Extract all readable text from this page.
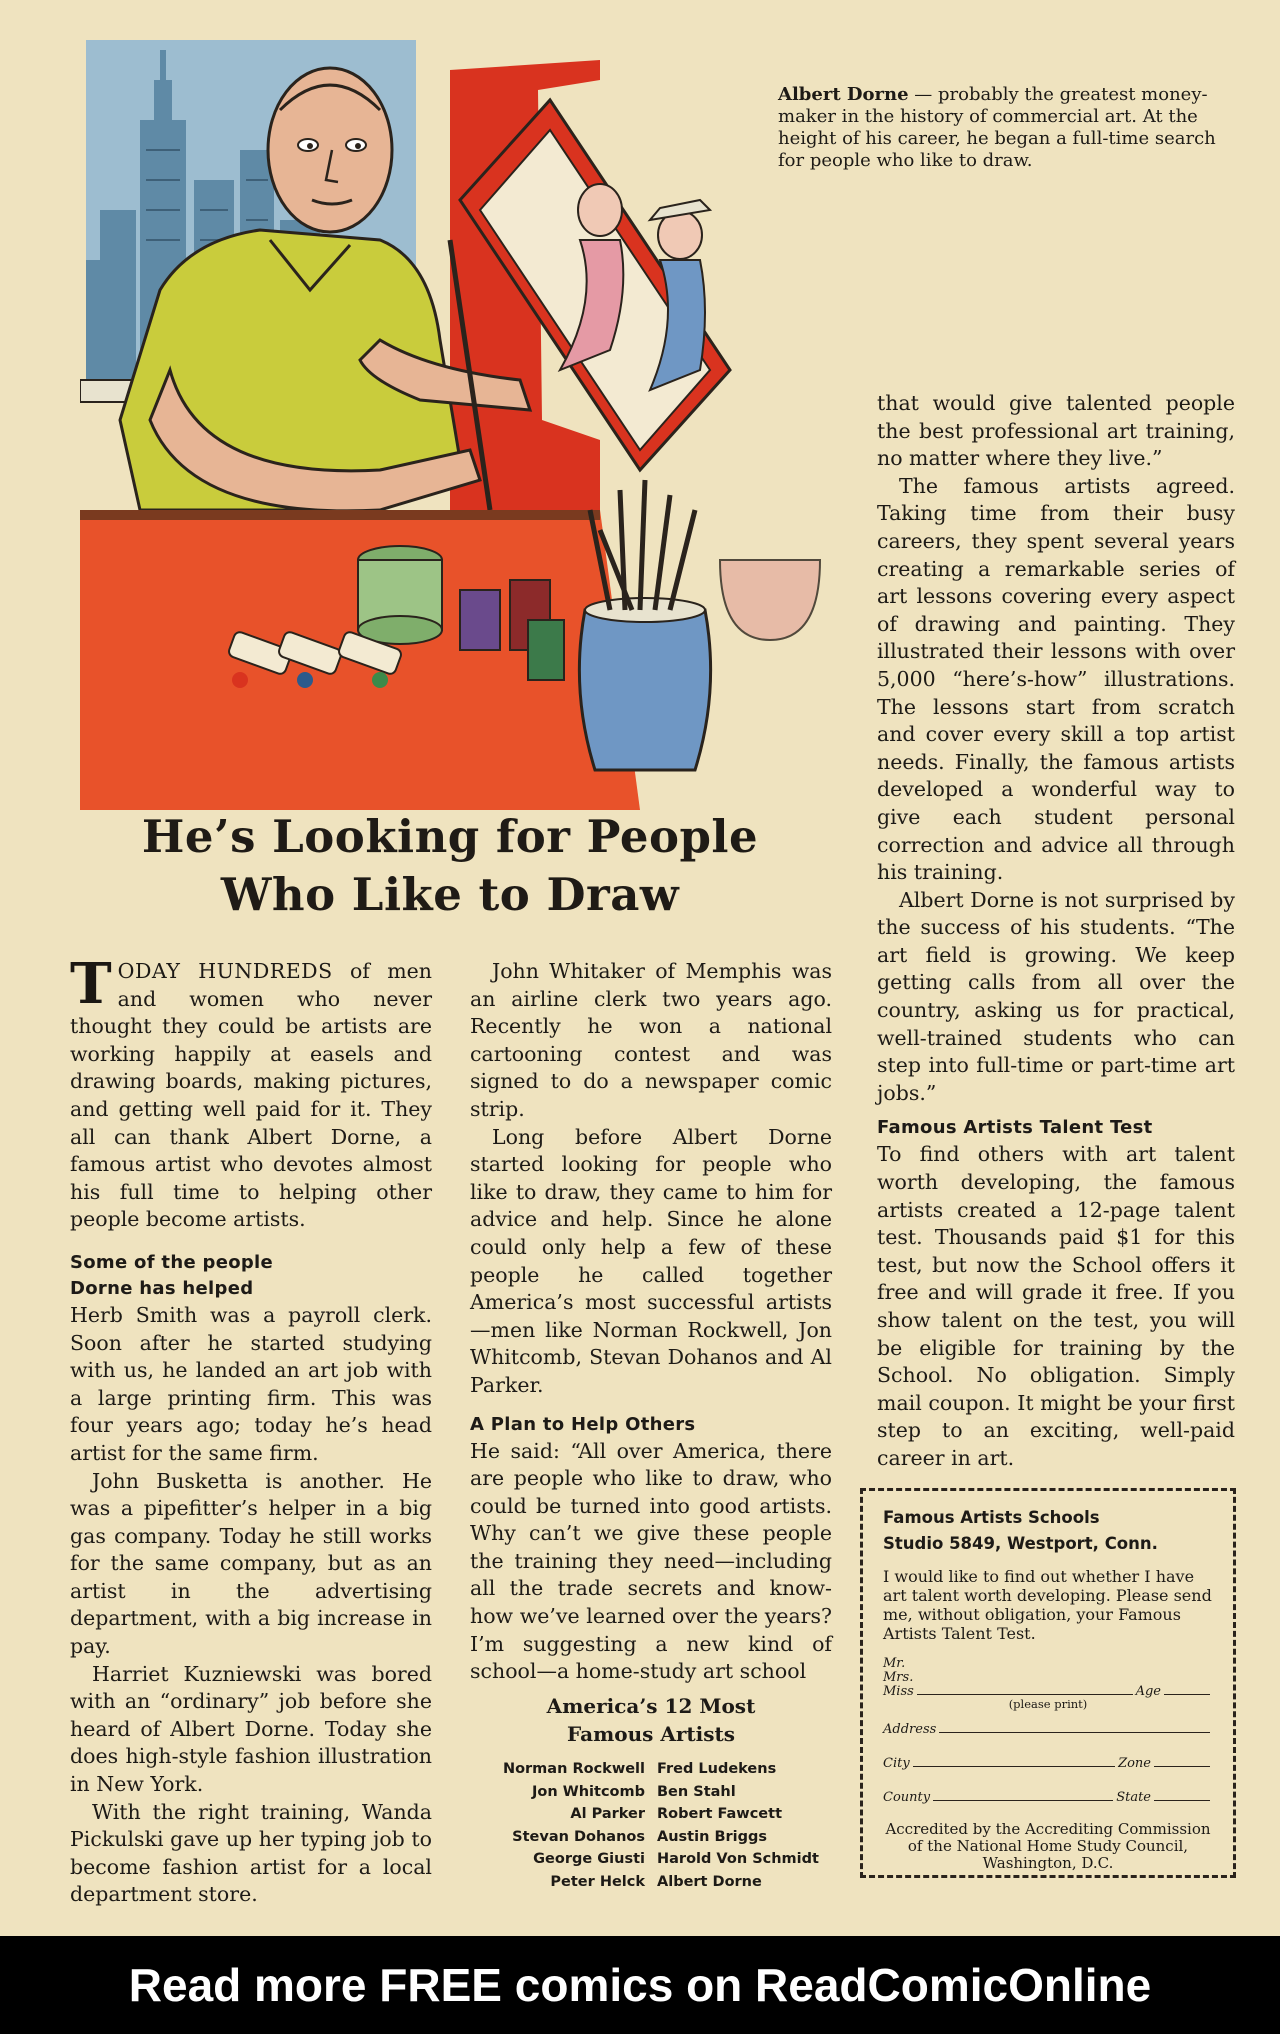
Albert Dorne — probably the greatest money-maker in the history of commercial art. At the height of his career, he began a full-time search for people who like to draw.
He’s Looking for People
Who Like to Draw

TODAY HUNDREDS of men and women who never thought they could be artists are working happily at easels and drawing boards, making pictures, and getting well paid for it. They all can thank Albert Dorne, a famous artist who devotes almost his full time to helping other people become artists.

Some of the people
Dorne has helped

Herb Smith was a payroll clerk. Soon after he started studying with us, he landed an art job with a large printing firm. This was four years ago; today he’s head artist for the same firm.

John Busketta is another. He was a pipefitter’s helper in a big gas company. Today he still works for the same company, but as an artist in the advertising department, with a big increase in pay.

Harriet Kuzniewski was bored with an “ordinary” job before she heard of Albert Dorne. Today she does high-style fashion illustration in New York.

With the right training, Wanda Pickulski gave up her typing job to become fashion artist for a local department store.

John Whitaker of Memphis was an airline clerk two years ago. Recently he won a national cartooning contest and was signed to do a newspaper comic strip.

Long before Albert Dorne started looking for people who like to draw, they came to him for advice and help. Since he alone could only help a few of these people he called together America’s most successful artists —men like Norman Rockwell, Jon Whitcomb, Stevan Dohanos and Al Parker.

A Plan to Help Others

He said: “All over America, there are people who like to draw, who could be turned into good artists. Why can’t we give these people the training they need—including all the trade secrets and know-how we’ve learned over the years? I’m suggesting a new kind of school—a home-study art school

that would give talented people the best professional art training, no matter where they live.”

The famous artists agreed. Taking time from their busy careers, they spent several years creating a remarkable series of art lessons covering every aspect of drawing and painting. They illustrated their lessons with over 5,000 “here’s-how” illustrations. The lessons start from scratch and cover every skill a top artist needs. Finally, the famous artists developed a wonderful way to give each student personal correction and advice all through his training.

Albert Dorne is not surprised by the success of his students. “The art field is growing. We keep getting calls from all over the country, asking us for practical, well-trained students who can step into full-time or part-time art jobs.”

Famous Artists Talent Test

To find others with art talent worth developing, the famous artists created a 12-page talent test. Thousands paid $1 for this test, but now the School offers it free and will grade it free. If you show talent on the test, you will be eligible for training by the School. No obligation. Simply mail coupon. It might be your first step to an exciting, well-paid career in art.

America’s 12 Most
Famous Artists
Norman Rockwell Fred Ludekens
Jon Whitcomb Ben Stahl
Al Parker Robert Fawcett
Stevan Dohanos Austin Briggs
George Giusti Harold Von Schmidt
Peter Helck Albert Dorne
Famous Artists Schools
Studio 5849, Westport, Conn.
I would like to find out whether I have art talent worth developing. Please send me, without obligation, your Famous Artists Talent Test.
Mr.
Mrs.
Miss	Age
(please print)
Address
City	Zone
County	State
Accredited by the Accrediting Commission of the National Home Study Council, Washington, D.C.
Read more FREE comics on ReadComicOnline
